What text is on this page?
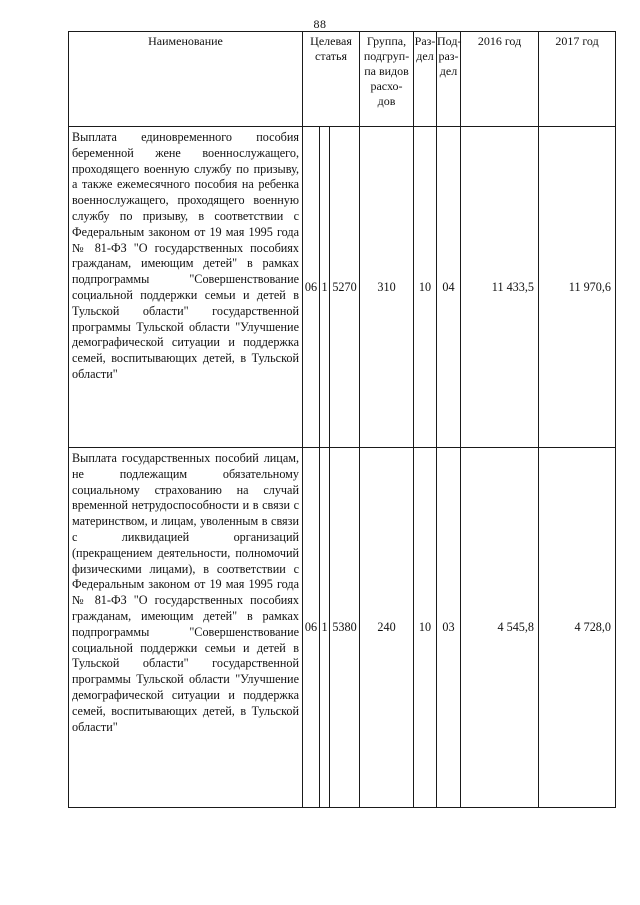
88
Наименование	Целевая
статья			Группа,
подгруп-
па видов
расхо-
дов	Раз-
дел	Под-
раз-
дел	2016 год	2017 год
Выплата единовременного пособия беременной жене военнослужащего, проходящего военную службу по призыву, а также ежемесячного пособия на ребенка военнослужащего, проходящего военную службу по призыву, в соответствии с Федеральным законом от 19 мая 1995 года № 81-ФЗ "О государственных пособиях гражданам, имеющим детей" в рамках подпрограммы "Совершенствование социальной поддержки семьи и детей в Тульской области" государственной программы Тульской области "Улучшение демографической ситуации и поддержка семей, воспитывающих детей, в Тульской области"	06	1	5270	310	10	04	11 433,5	11 970,6
Выплата государственных пособий лицам, не подлежащим обязательному социальному страхованию на случай временной нетрудоспособности и в связи с материнством, и лицам, уволенным в связи с ликвидацией организаций (прекращением деятельности, полномочий физическими лицами), в соответствии с Федеральным законом от 19 мая 1995 года № 81-ФЗ "О государственных пособиях гражданам, имеющим детей" в рамках подпрограммы "Совершенствование социальной поддержки семьи и детей в Тульской области" государственной программы Тульской области "Улучшение демографической ситуации и поддержка семей, воспитывающих детей, в Тульской области"	06	1	5380	240	10	03	4 545,8	4 728,0
